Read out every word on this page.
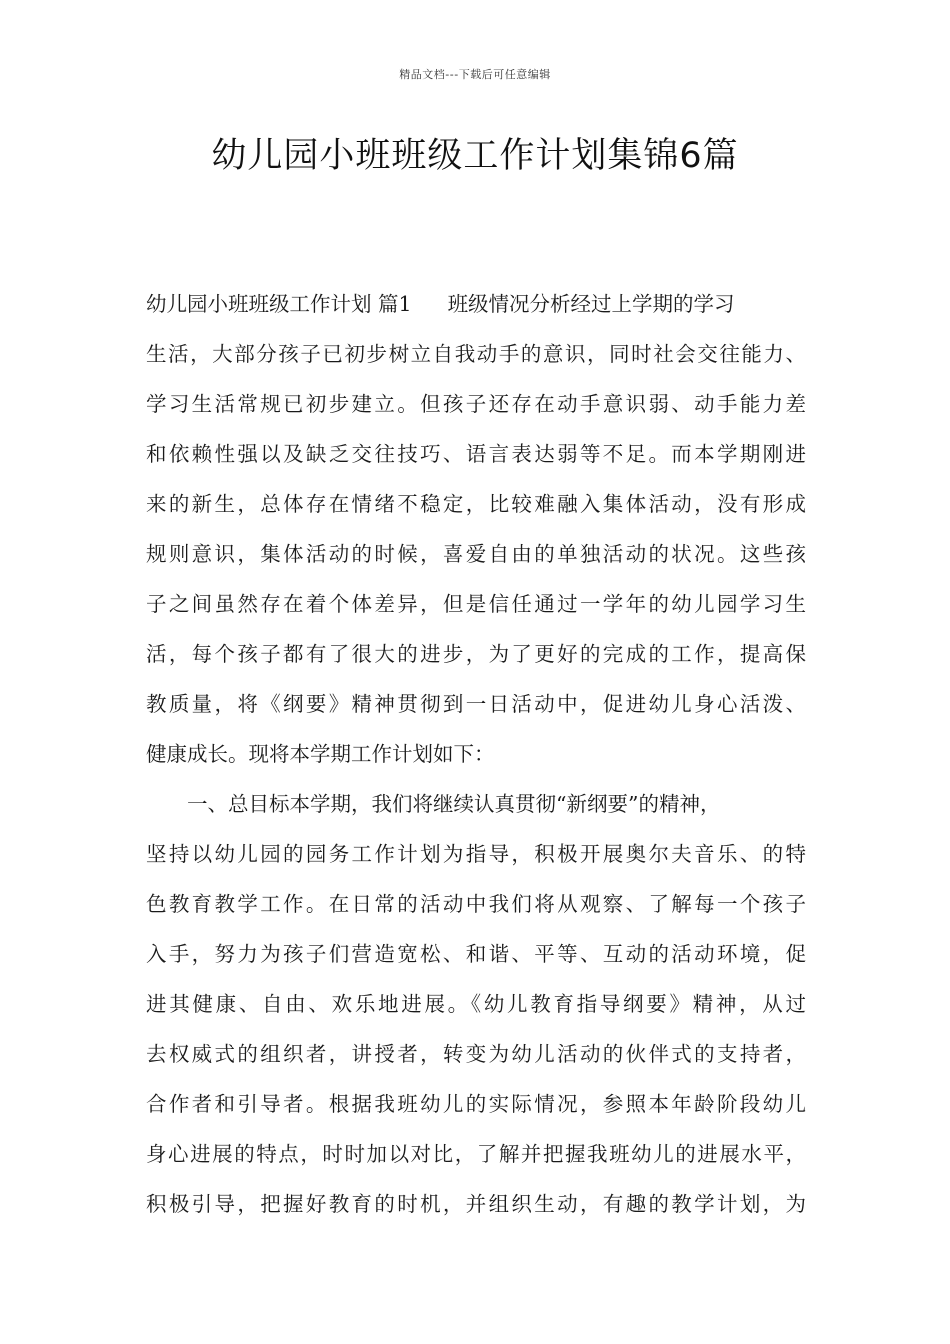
精品文档---下载后可任意编辑
幼儿园小班班级工作计划集锦6篇
幼儿园小班班级工作计划 篇1 班级情况分析经过上学期的学习
生活，大部分孩子已初步树立自我动手的意识，同时社会交往能力、
学习生活常规已初步建立。但孩子还存在动手意识弱、动手能力差
和依赖性强以及缺乏交往技巧、语言表达弱等不足。而本学期刚进
来的新生，总体存在情绪不稳定，比较难融入集体活动，没有形成
规则意识，集体活动的时候，喜爱自由的单独活动的状况。这些孩
子之间虽然存在着个体差异，但是信任通过一学年的幼儿园学习生
活，每个孩子都有了很大的进步，为了更好的完成的工作，提高保
教质量，将《纲要》精神贯彻到一日活动中，促进幼儿身心活泼、
健康成长。现将本学期工作计划如下：
一、总目标本学期，我们将继续认真贯彻“新纲要”的精神，
坚持以幼儿园的园务工作计划为指导，积极开展奥尔夫音乐、的特
色教育教学工作。在日常的活动中我们将从观察、了解每一个孩子
入手，努力为孩子们营造宽松、和谐、平等、互动的活动环境，促
进其健康、自由、欢乐地进展。《幼儿教育指导纲要》精神，从过
去权威式的组织者，讲授者，转变为幼儿活动的伙伴式的支持者，
合作者和引导者。根据我班幼儿的实际情况，参照本年龄阶段幼儿
身心进展的特点，时时加以对比，了解并把握我班幼儿的进展水平，
积极引导，把握好教育的时机，并组织生动，有趣的教学计划，为
